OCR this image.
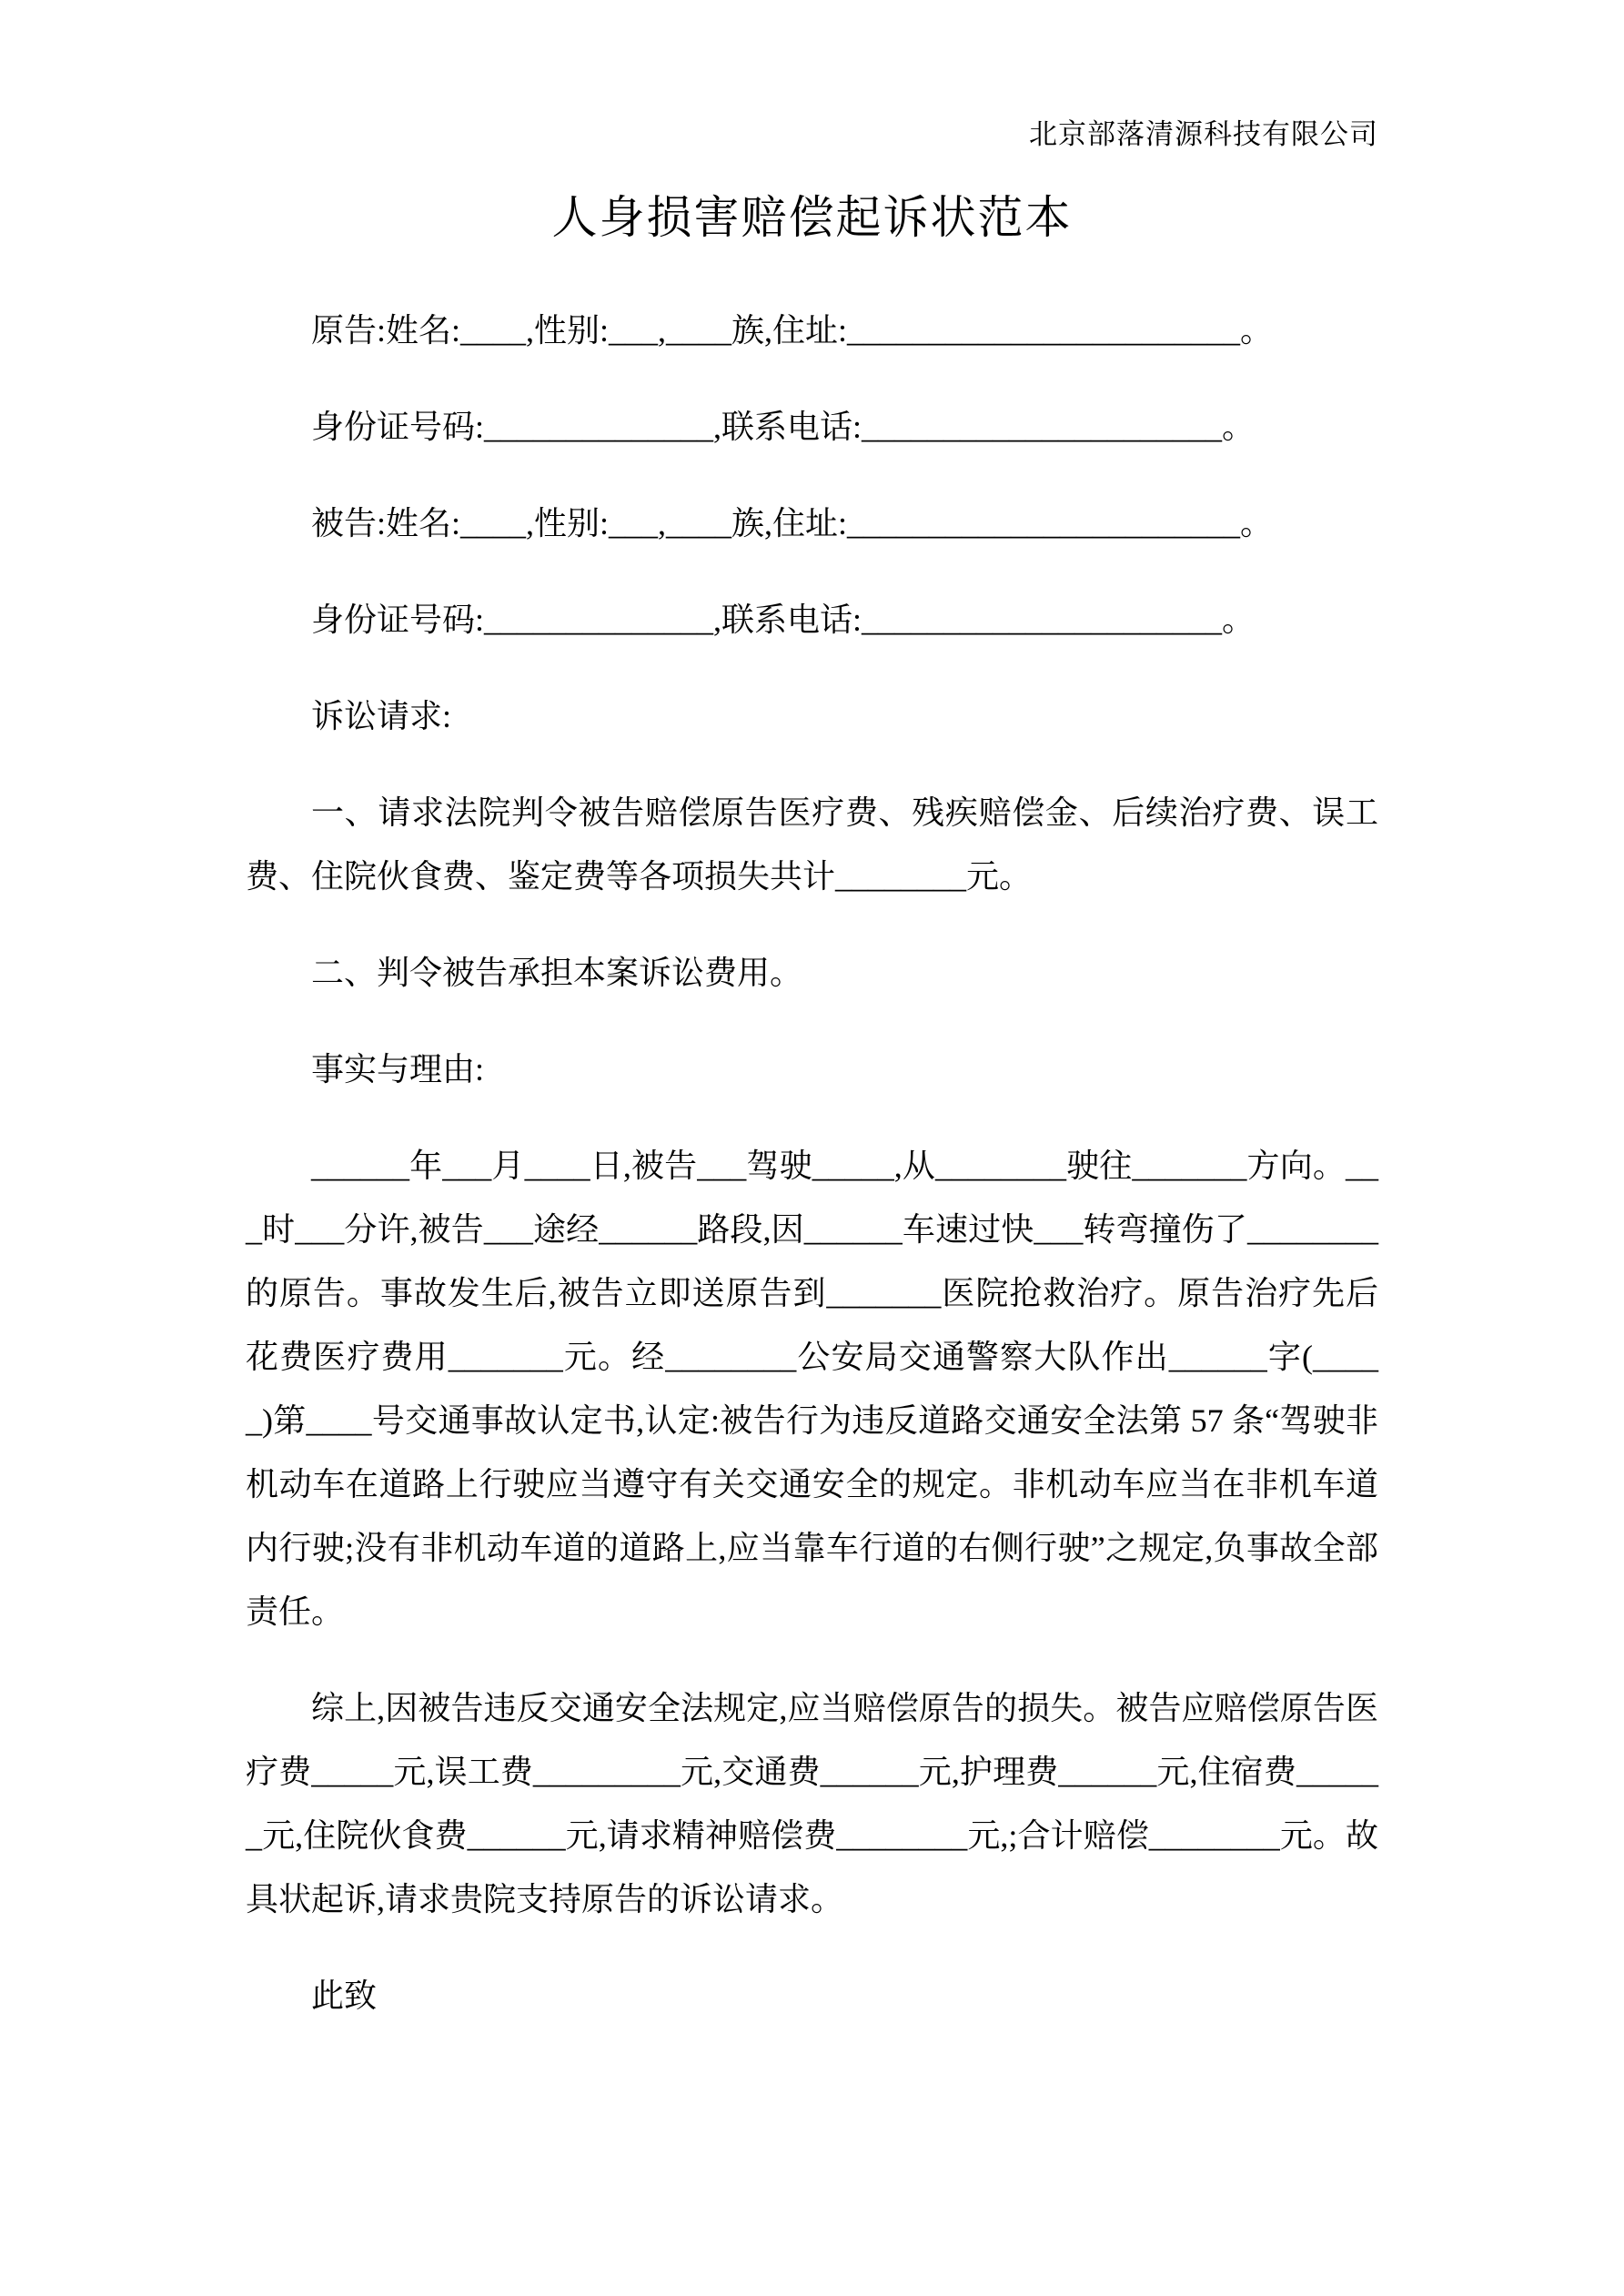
北京部落清源科技有限公司
人身损害赔偿起诉状范本

原告:姓名:____,性别:___,____族,住址:________________________。

身份证号码:______________,联系电话:______________________。

被告:姓名:____,性别:___,____族,住址:________________________。

身份证号码:______________,联系电话:______________________。

诉讼请求:

一、请求法院判令被告赔偿原告医疗费、残疾赔偿金、后续治疗费、误工费、住院伙食费、鉴定费等各项损失共计________元。

二、判令被告承担本案诉讼费用。

事实与理由:

______年___月____日,被告___驾驶_____,从________驶往_______方向。___时___分许,被告___途经______路段,因______车速过快___转弯撞伤了________的原告。事故发生后,被告立即送原告到_______医院抢救治疗。原告治疗先后花费医疗费用_______元。经________公安局交通警察大队作出______字(_____)第____号交通事故认定书,认定:被告行为违反道路交通安全法第 57 条“驾驶非机动车在道路上行驶应当遵守有关交通安全的规定。非机动车应当在非机车道内行驶;没有非机动车道的道路上,应当靠车行道的右侧行驶”之规定,负事故全部责任。

综上,因被告违反交通安全法规定,应当赔偿原告的损失。被告应赔偿原告医疗费_____元,误工费_________元,交通费______元,护理费______元,住宿费______元,住院伙食费______元,请求精神赔偿费________元,;合计赔偿________元。故具状起诉,请求贵院支持原告的诉讼请求。

此致
